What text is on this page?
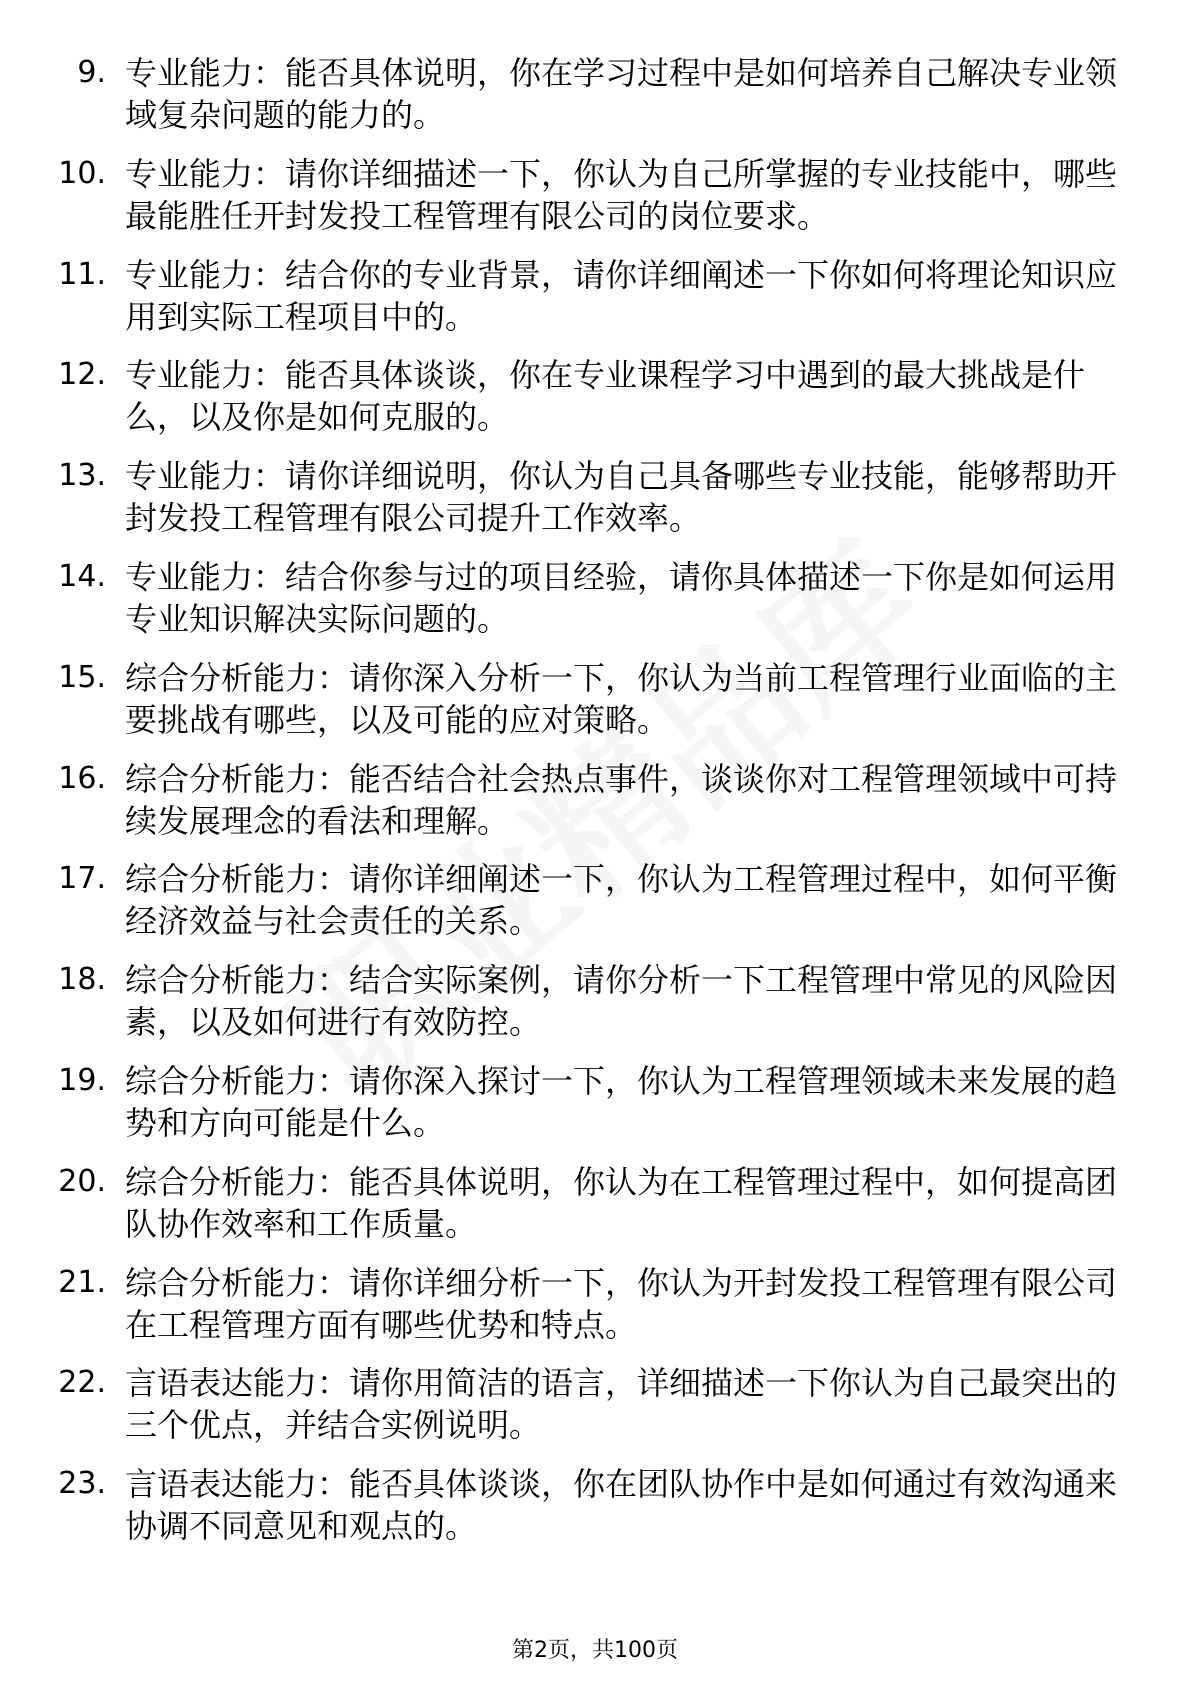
9. 专业能力：能否具体说明，你在学习过程中是如何培养自己解决专业领域复杂问题的能力的。
10. 专业能力：请你详细描述一下，你认为自己所掌握的专业技能中，哪些最能胜任开封发投工程管理有限公司的岗位要求。
11. 专业能力：结合你的专业背景，请你详细阐述一下你如何将理论知识应用到实际工程项目中的。
12. 专业能力：能否具体谈谈，你在专业课程学习中遇到的最大挑战是什么，以及你是如何克服的。
13. 专业能力：请你详细说明，你认为自己具备哪些专业技能，能够帮助开封发投工程管理有限公司提升工作效率。
14. 专业能力：结合你参与过的项目经验，请你具体描述一下你是如何运用专业知识解决实际问题的。
15. 综合分析能力：请你深入分析一下，你认为当前工程管理行业面临的主要挑战有哪些，以及可能的应对策略。
16. 综合分析能力：能否结合社会热点事件，谈谈你对工程管理领域中可持续发展理念的看法和理解。
17. 综合分析能力：请你详细阐述一下，你认为工程管理过程中，如何平衡经济效益与社会责任的关系。
18. 综合分析能力：结合实际案例，请你分析一下工程管理中常见的风险因素，以及如何进行有效防控。
19. 综合分析能力：请你深入探讨一下，你认为工程管理领域未来发展的趋势和方向可能是什么。
20. 综合分析能力：能否具体说明，你认为在工程管理过程中，如何提高团队协作效率和工作质量。
21. 综合分析能力：请你详细分析一下，你认为开封发投工程管理有限公司在工程管理方面有哪些优势和特点。
22. 言语表达能力：请你用简洁的语言，详细描述一下你认为自己最突出的三个优点，并结合实例说明。
23. 言语表达能力：能否具体谈谈，你在团队协作中是如何通过有效沟通来协调不同意见和观点的。
第2页，共100页
